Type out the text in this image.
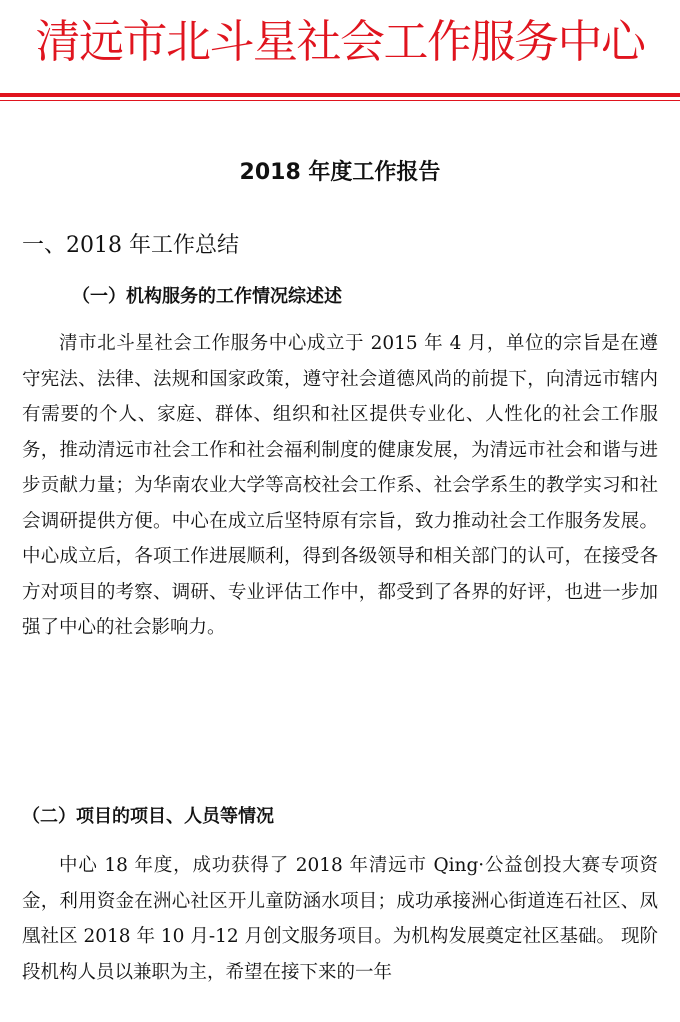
清远市北斗星社会工作服务中心
2018 年度工作报告
一、2018 年工作总结
（一）机构服务的工作情况综述述

清市北斗星社会工作服务中心成立于 2015 年 4 月，单位的宗旨是在遵守宪法、法律、法规和国家政策，遵守社会道德风尚的前提下，向清远市辖内有需要的个人、家庭、群体、组织和社区提供专业化、人性化的社会工作服务，推动清远市社会工作和社会福利制度的健康发展，为清远市社会和谐与进步贡献力量；为华南农业大学等高校社会工作系、社会学系生的教学实习和社会调研提供方便。中心在成立后坚特原有宗旨，致力推动社会工作服务发展。中心成立后，各项工作进展顺利，得到各级领导和相关部门的认可，在接受各方对项目的考察、调研、专业评估工作中，都受到了各界的好评，也进一步加强了中心的社会影响力。

（二）项目的项目、人员等情况

中心 18 年度，成功获得了 2018 年清远市 Qing·公益创投大赛专项资金，利用资金在洲心社区开儿童防涵水项目；成功承接洲心街道连石社区、凤凰社区 2018 年 10 月-12 月创文服务项目。为机构发展奠定社区基础。 现阶段机构人员以兼职为主，希望在接下来的一年
